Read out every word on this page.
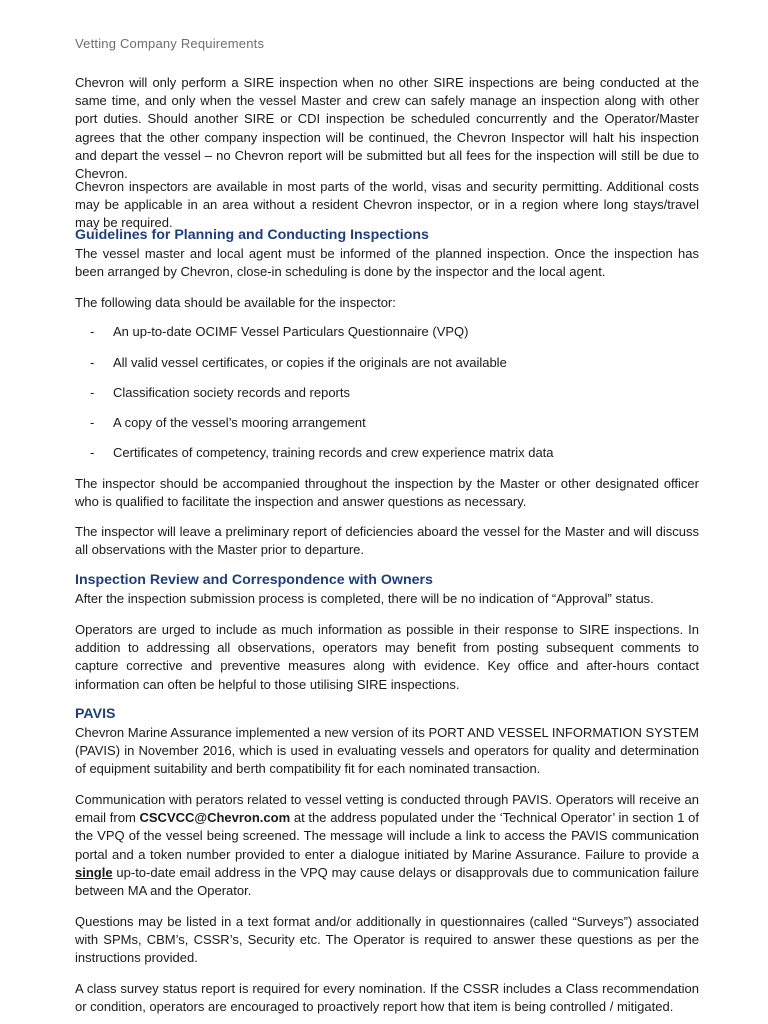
Vetting Company Requirements

Chevron will only perform a SIRE inspection when no other SIRE inspections are being conducted at the same time, and only when the vessel Master and crew can safely manage an inspection along with other port duties. Should another SIRE or CDI inspection be scheduled concurrently and the Operator/Master agrees that the other company inspection will be continued, the Chevron Inspector will halt his inspection and depart the vessel – no Chevron report will be submitted but all fees for the inspection will still be due to Chevron.

Chevron inspectors are available in most parts of the world, visas and security permitting. Additional costs may be applicable in an area without a resident Chevron inspector, or in a region where long stays/travel may be required.

Guidelines for Planning and Conducting Inspections

The vessel master and local agent must be informed of the planned inspection. Once the inspection has been arranged by Chevron, close-in scheduling is done by the inspector and the local agent.

The following data should be available for the inspector:

- An up-to-date OCIMF Vessel Particulars Questionnaire (VPQ)

- All valid vessel certificates, or copies if the originals are not available

- Classification society records and reports

- A copy of the vessel’s mooring arrangement

- Certificates of competency, training records and crew experience matrix data

The inspector should be accompanied throughout the inspection by the Master or other designated officer who is qualified to facilitate the inspection and answer questions as necessary.

The inspector will leave a preliminary report of deficiencies aboard the vessel for the Master and will discuss all observations with the Master prior to departure.

Inspection Review and Correspondence with Owners

After the inspection submission process is completed, there will be no indication of “Approval” status.

Operators are urged to include as much information as possible in their response to SIRE inspections. In addition to addressing all observations, operators may benefit from posting subsequent comments to capture corrective and preventive measures along with evidence. Key office and after-hours contact information can often be helpful to those utilising SIRE inspections.

PAVIS

Chevron Marine Assurance implemented a new version of its PORT AND VESSEL INFORMATION SYSTEM (PAVIS) in November 2016, which is used in evaluating vessels and operators for quality and determination of equipment suitability and berth compatibility fit for each nominated transaction.

Communication with perators related to vessel vetting is conducted through PAVIS. Operators will receive an email from CSCVCC@Chevron.com at the address populated under the ‘Technical Operator’ in section 1 of the VPQ of the vessel being screened. The message will include a link to access the PAVIS communication portal and a token number provided to enter a dialogue initiated by Marine Assurance. Failure to provide a single up-to-date email address in the VPQ may cause delays or disapprovals due to communication failure between MA and the Operator.

Questions may be listed in a text format and/or additionally in questionnaires (called “Surveys”) associated with SPMs, CBM’s, CSSR’s, Security etc. The Operator is required to answer these questions as per the instructions provided.

A class survey status report is required for every nomination. If the CSSR includes a Class recommendation or condition, operators are encouraged to proactively report how that item is being controlled / mitigated.
